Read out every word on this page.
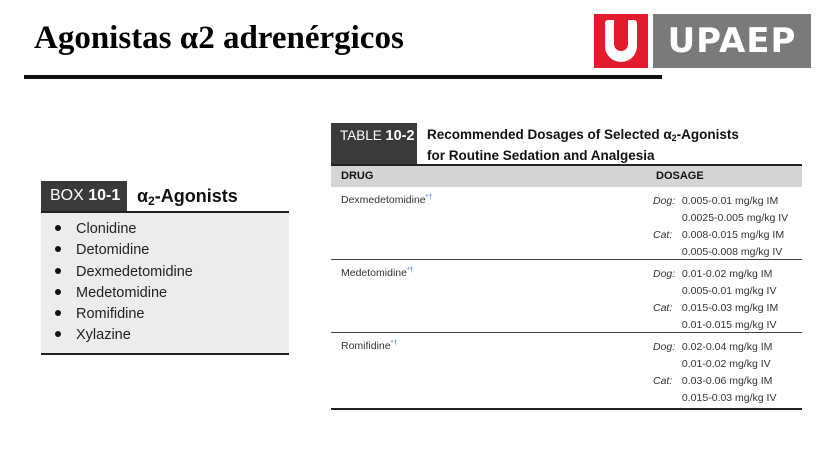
Agonistas α2 adrenérgicos	UPAEP
BOX 10-1 $\alpha_2$-Agonists
Clonidine
Detomidine
Dexmedetomidine
Medetomidine
Romifidine
Xylazine
TABLE 10-2 Recommended Dosages of Selected $\alpha_2$-Agonists
for Routine Sedation and Analgesia
DRUG	DOSAGE
Dexmedetomidine*†	Dog: 0.005-0.01 mg/kg IM
0.0025-0.005 mg/kg IV
Cat: 0.008-0.015 mg/kg IM
0.005-0.008 mg/kg IV
Medetomidine*†	Dog: 0.01-0.02 mg/kg IM
0.005-0.01 mg/kg IV
Cat: 0.015-0.03 mg/kg IM
0.01-0.015 mg/kg IV
Romifidine*†	Dog: 0.02-0.04 mg/kg IM
0.01-0.02 mg/kg IV
Cat: 0.03-0.06 mg/kg IM
0.015-0.03 mg/kg IV
